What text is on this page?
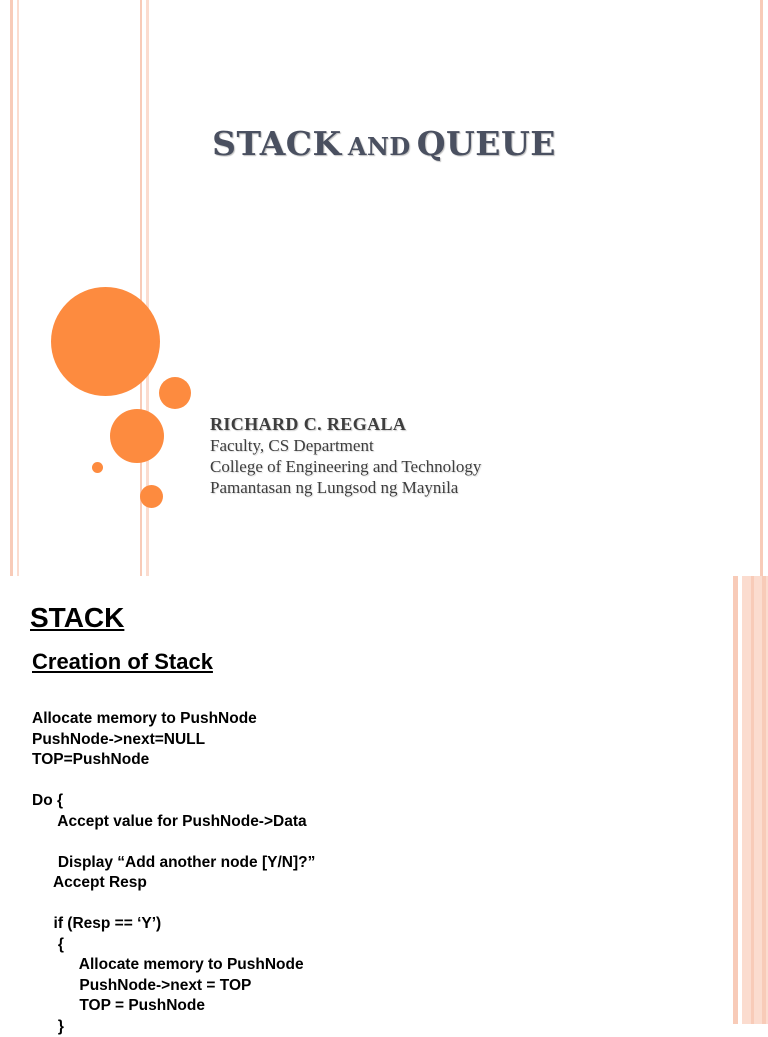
STACK AND QUEUE
RICHARD C. REGALA
Faculty, CS Department
College of Engineering and Technology
Pamantasan ng Lungsod ng Maynila
STACK
Creation of Stack
Allocate memory to PushNode
PushNode->next=NULL
TOP=PushNode
Do {
Accept value for PushNode->Data
Display “Add another node [Y/N]?”
Accept Resp
if (Resp == ‘Y’)
{
Allocate memory to PushNode
PushNode->next = TOP
TOP = PushNode
}
